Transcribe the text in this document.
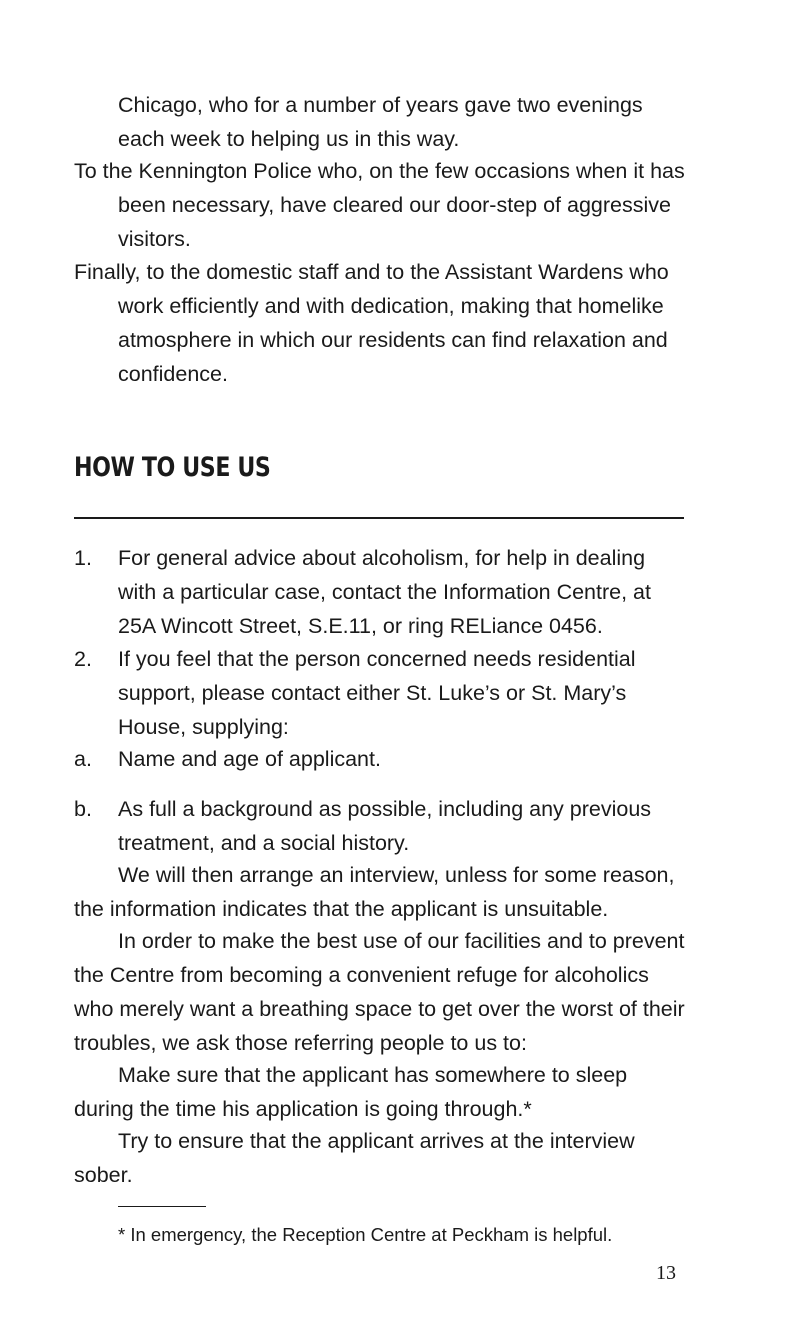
Chicago, who for a number of years gave two evenings each week to helping us in this way.

To the Kennington Police who, on the few occasions when it has been necessary, have cleared our door-step of aggressive visitors.

Finally, to the domestic staff and to the Assistant Wardens who work efficiently and with dedication, making that homelike atmosphere in which our residents can find relaxation and confidence.

HOW TO USE US

1. For general advice about alcoholism, for help in dealing with a particular case, contact the Information Centre, at 25A Wincott Street, S.E.11, or ring RELiance 0456.

2. If you feel that the person concerned needs residential support, please contact either St. Luke’s or St. Mary’s House, supplying:

a. Name and age of applicant.

b. As full a background as possible, including any previous treatment, and a social history.

We will then arrange an interview, unless for some reason, the information indicates that the applicant is unsuitable.

In order to make the best use of our facilities and to prevent the Centre from becoming a convenient refuge for alcoholics who merely want a breathing space to get over the worst of their troubles, we ask those referring people to us to:

Make sure that the applicant has somewhere to sleep during the time his application is going through.*

Try to ensure that the applicant arrives at the interview sober.

* In emergency, the Reception Centre at Peckham is helpful.

13
